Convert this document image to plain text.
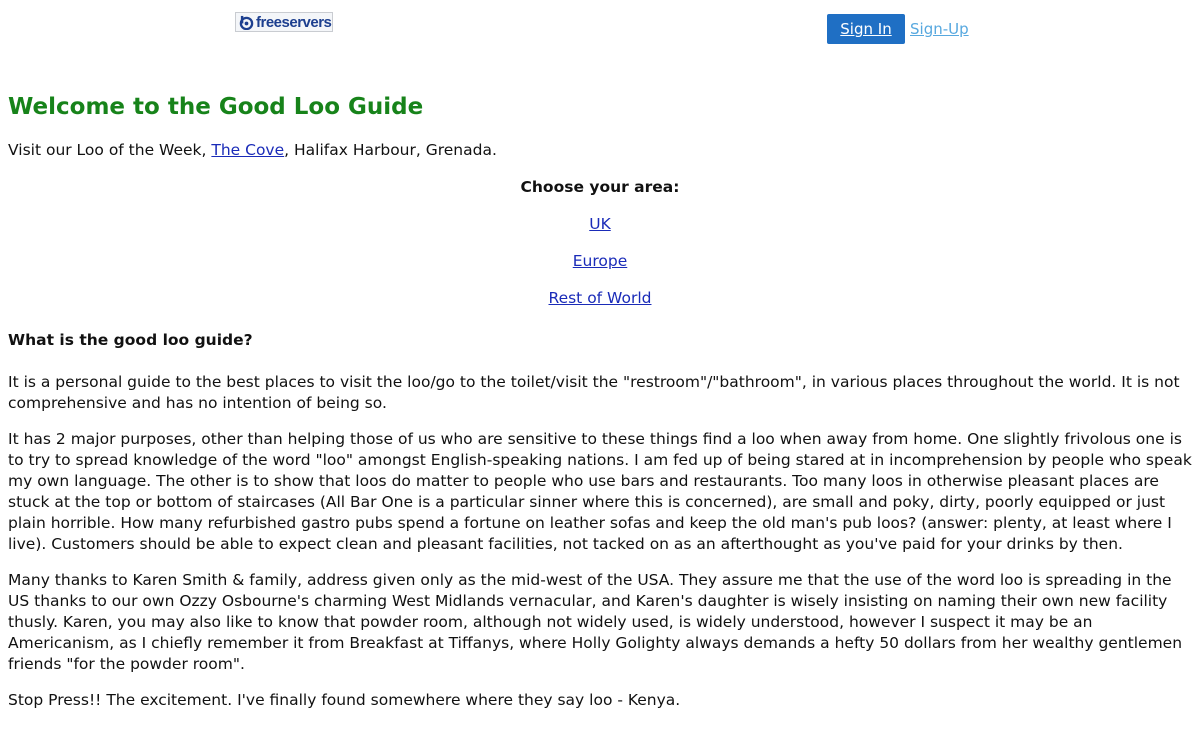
freeservers	Sign In	Sign-Up
Welcome to the Good Loo Guide

Visit our Loo of the Week, The Cove, Halifax Harbour, Grenada.

Choose your area:

UK

Europe

Rest of World

What is the good loo guide?

It is a personal guide to the best places to visit the loo/go to the toilet/visit the "restroom"/"bathroom", in various places throughout the world. It is not comprehensive and has no intention of being so.

It has 2 major purposes, other than helping those of us who are sensitive to these things find a loo when away from home. One slightly frivolous one is to try to spread knowledge of the word "loo" amongst English-speaking nations. I am fed up of being stared at in incomprehension by people who speak my own language. The other is to show that loos do matter to people who use bars and restaurants. Too many loos in otherwise pleasant places are stuck at the top or bottom of staircases (All Bar One is a particular sinner where this is concerned), are small and poky, dirty, poorly equipped or just plain horrible. How many refurbished gastro pubs spend a fortune on leather sofas and keep the old man's pub loos? (answer: plenty, at least where I live). Customers should be able to expect clean and pleasant facilities, not tacked on as an afterthought as you've paid for your drinks by then.

Many thanks to Karen Smith & family, address given only as the mid-west of the USA. They assure me that the use of the word loo is spreading in the US thanks to our own Ozzy Osbourne's charming West Midlands vernacular, and Karen's daughter is wisely insisting on naming their own new facility thusly. Karen, you may also like to know that powder room, although not widely used, is widely understood, however I suspect it may be an Americanism, as I chiefly remember it from Breakfast at Tiffanys, where Holly Golighty always demands a hefty 50 dollars from her wealthy gentlemen friends "for the powder room".

Stop Press!! The excitement. I've finally found somewhere where they say loo - Kenya.
